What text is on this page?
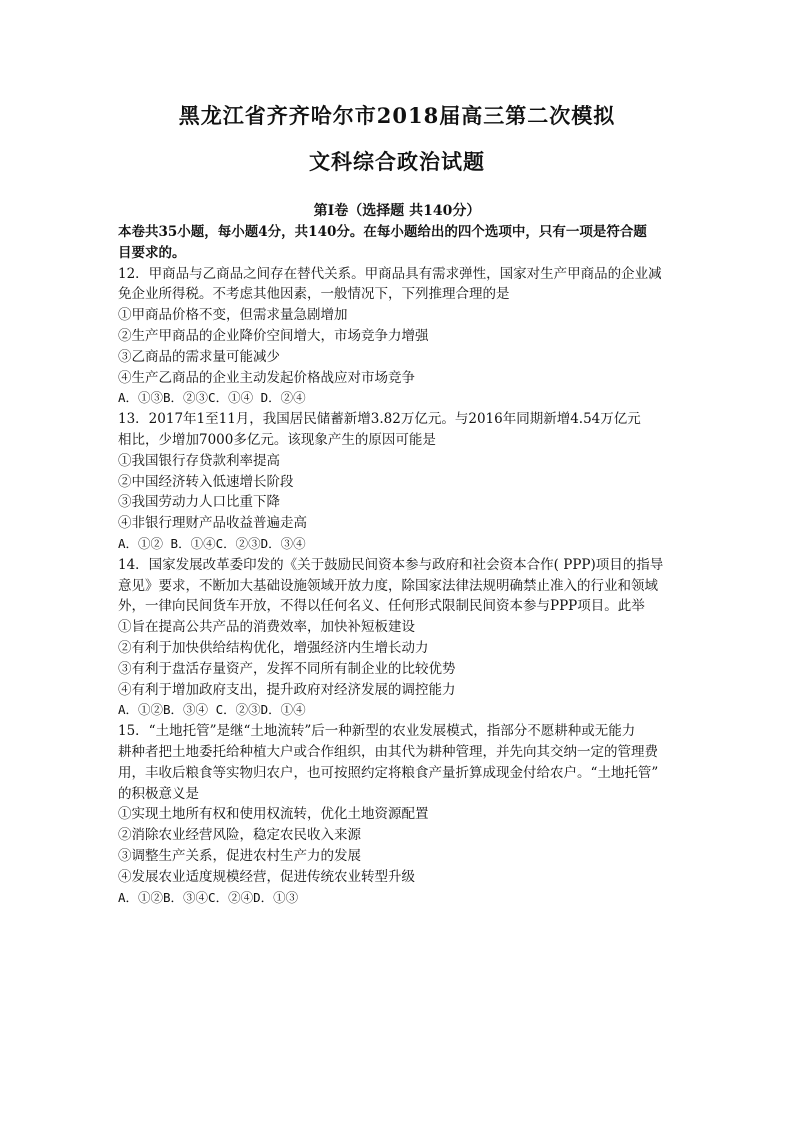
黑龙江省齐齐哈尔市2018届高三第二次模拟
文科综合政治试题
第Ⅰ卷（选择题 共140分）
本卷共35小题，每小题4分，共140分。在每小题给出的四个选项中，只有一项是符合题
目要求的。
12．甲商品与乙商品之间存在替代关系。甲商品具有需求弹性，国家对生产甲商品的企业减
免企业所得税。不考虑其他因素，一般情况下，下列推理合理的是
①甲商品价格不变，但需求量急剧增加
②生产甲商品的企业降价空间增大，市场竞争力增强
③乙商品的需求量可能减少
④生产乙商品的企业主动发起价格战应对市场竞争
A．①③B．②③C．①④ D．②④
13．2017年1至11月，我国居民储蓄新增3.82万亿元。与2016年同期新增4.54万亿元
相比，少增加7000多亿元。该现象产生的原因可能是
①我国银行存贷款利率提高
②中国经济转入低速增长阶段
③我国劳动力人口比重下降
④非银行理财产品收益普遍走高
A．①② B．①④C．②③D．③④
14．国家发展改革委印发的《关于鼓励民间资本参与政府和社会资本合作( PPP)项目的指导
意见》要求，不断加大基础设施领域开放力度，除国家法律法规明确禁止准入的行业和领域
外，一律向民间货车开放，不得以任何名义、任何形式限制民间资本参与PPP项目。此举
①旨在提高公共产品的消费效率，加快补短板建设
②有利于加快供给结构优化，增强经济内生增长动力
③有利于盘活存量资产，发挥不同所有制企业的比较优势
④有利于增加政府支出，提升政府对经济发展的调控能力
A．①②B．③④ C．②③D．①④
15．“土地托管”是继“土地流转”后一种新型的农业发展模式，指部分不愿耕种或无能力
耕种者把土地委托给种植大户或合作组织，由其代为耕种管理，并先向其交纳一定的管理费
用，丰收后粮食等实物归农户，也可按照约定将粮食产量折算成现金付给农户。“土地托管”
的积极意义是
①实现土地所有权和使用权流转，优化土地资源配置
②消除农业经营风险，稳定农民收入来源
③调整生产关系，促进农村生产力的发展
④发展农业适度规模经营，促进传统农业转型升级
A．①②B．③④C．②④D．①③
